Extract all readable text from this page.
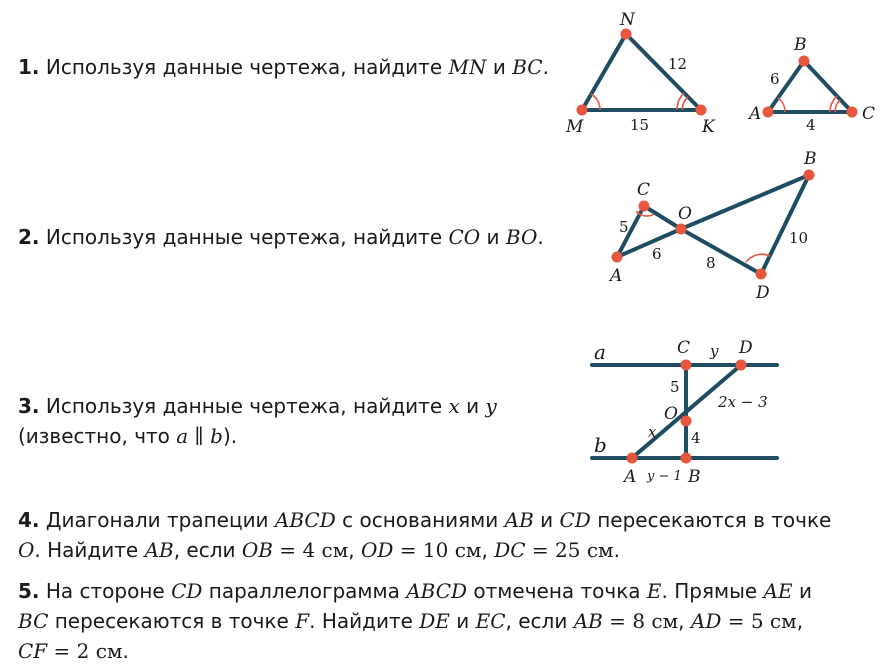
1. Используя данные чертежа, найдите MN и BC.
2. Используя данные чертежа, найдите CO и BO.
3. Используя данные чертежа, найдите x и y
(известно, что a ∥ b).
4. Диагонали трапеции ABCD с основаниями AB и CD пересекаются в точке
O. Найдите AB, если OB = 4 см, OD = 10 см, DC = 25 см.
5. На стороне CD параллелограмма ABCD отмечена точка E. Прямые AE и
BC пересекаются в точке F. Найдите DE и EC, если AB = 8 см, AD = 5 см,
CF = 2 см.
N
M	K
12
15
B
A	C
6
4
C
O
B
A
D
5
6	8
10
a
b
C	D
y
5
O
2x − 3
x 4
A y − 1 B
